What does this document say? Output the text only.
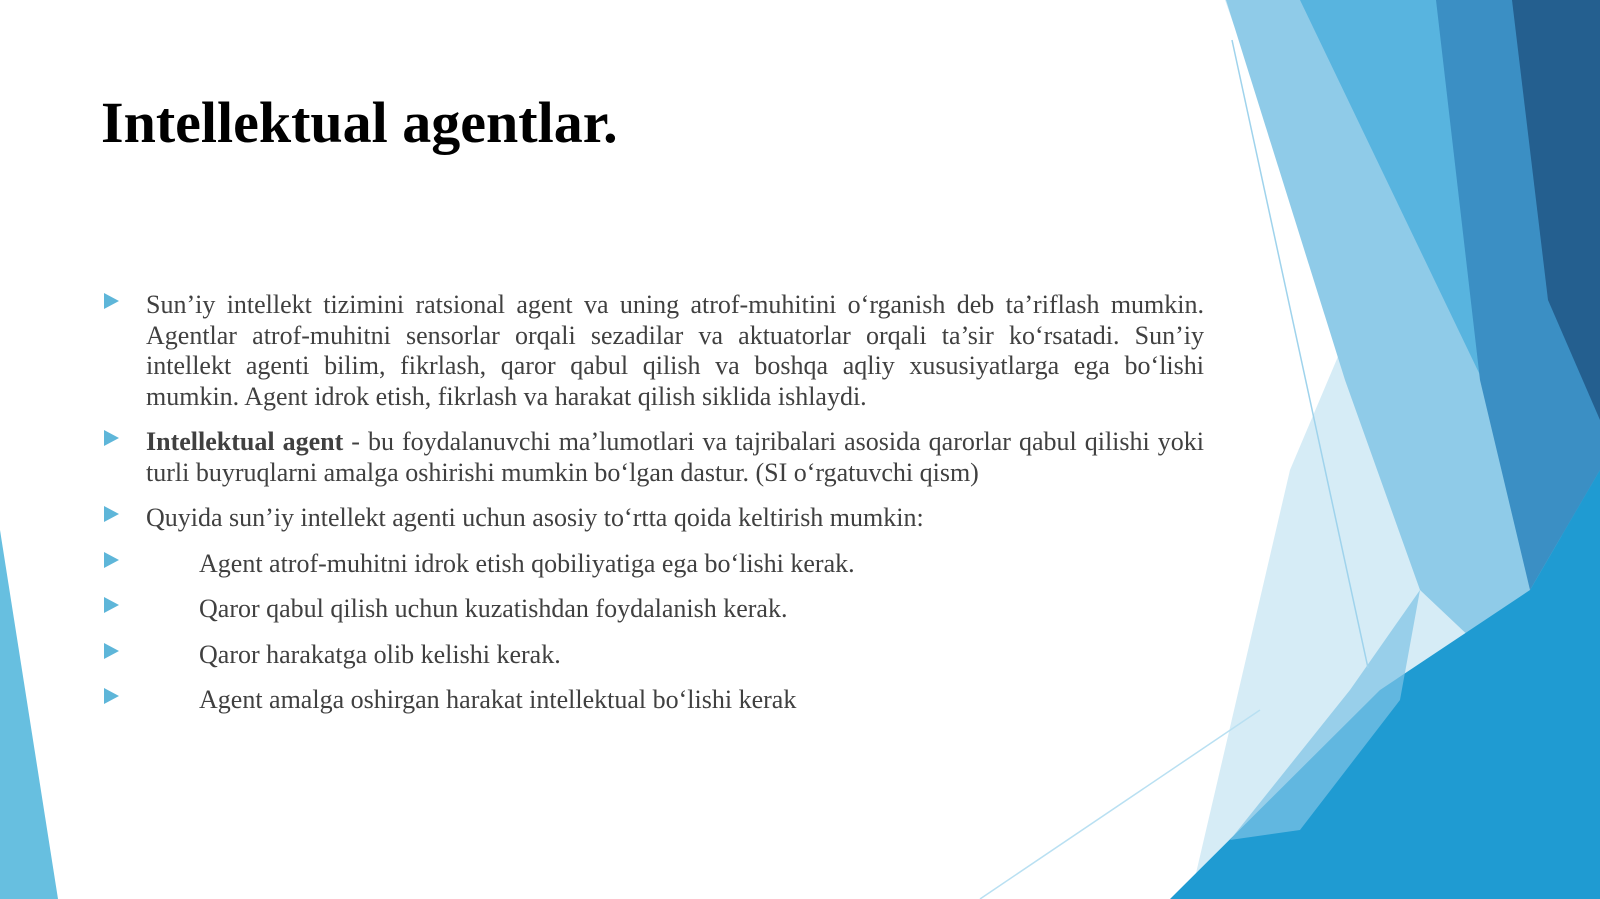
Intellektual agentlar.
Sun’iy intellekt tizimini ratsional agent va uning atrof-muhitini o‘rganish deb ta’riflash mumkin. Agentlar atrof-muhitni sensorlar orqali sezadilar va aktuatorlar orqali ta’sir ko‘rsatadi. Sun’iy intellekt agenti bilim, fikrlash, qaror qabul qilish va boshqa aqliy xususiyatlarga ega bo‘lishi mumkin. Agent idrok etish, fikrlash va harakat qilish siklida ishlaydi.
Intellektual agent - bu foydalanuvchi ma’lumotlari va tajribalari asosida qarorlar qabul qilishi yoki turli buyruqlarni amalga oshirishi mumkin bo‘lgan dastur. (SI o‘rgatuvchi qism)
Quyida sun’iy intellekt agenti uchun asosiy to‘rtta qoida keltirish mumkin:
Agent atrof-muhitni idrok etish qobiliyatiga ega bo‘lishi kerak.
Qaror qabul qilish uchun kuzatishdan foydalanish kerak.
Qaror harakatga olib kelishi kerak.
Agent amalga oshirgan harakat intellektual bo‘lishi kerak
